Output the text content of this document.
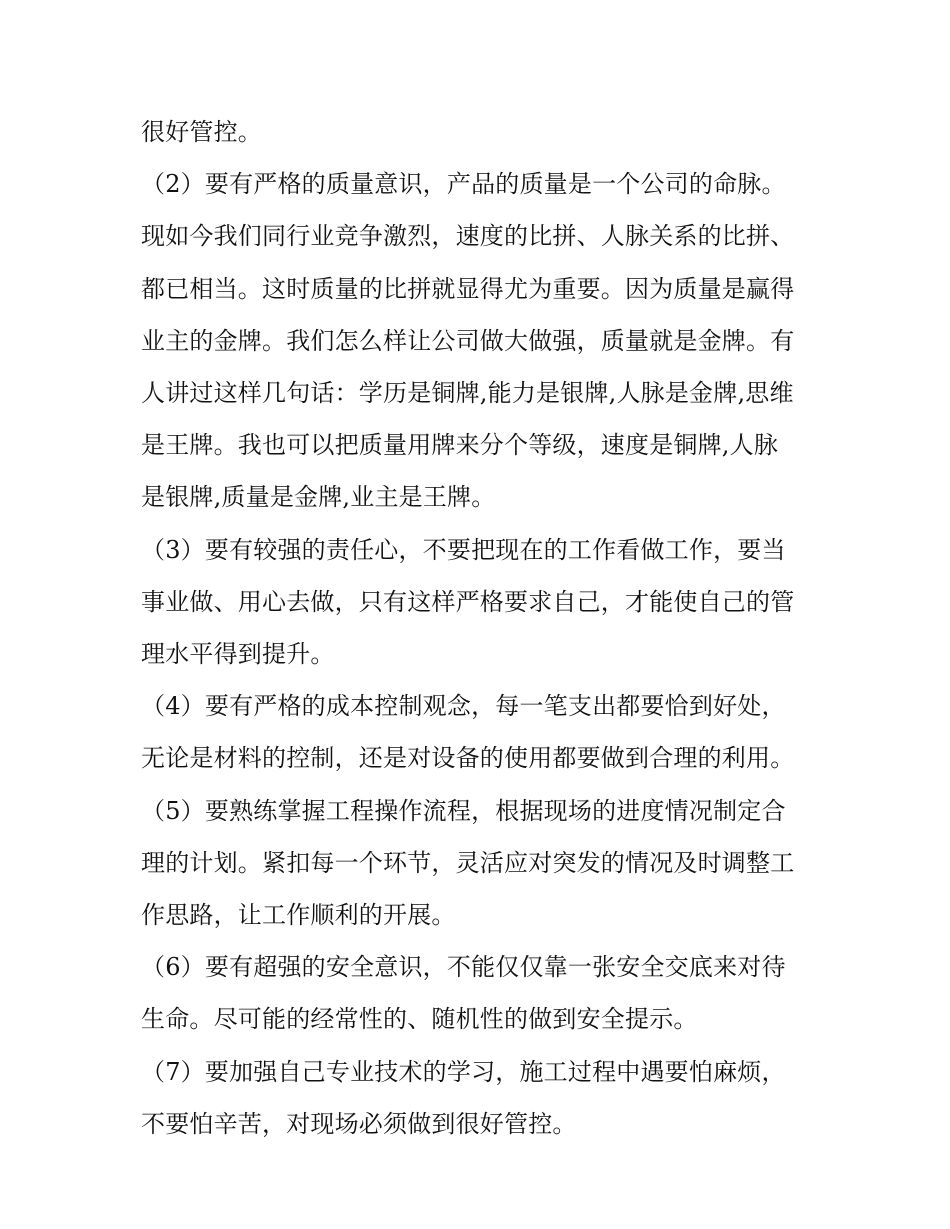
很好管控。
（2）要有严格的质量意识，产品的质量是一个公司的命脉。
现如今我们同行业竞争激烈，速度的比拼、人脉关系的比拼、
都已相当。这时质量的比拼就显得尤为重要。因为质量是赢得
业主的金牌。我们怎么样让公司做大做强，质量就是金牌。有
人讲过这样几句话：学历是铜牌,能力是银牌,人脉是金牌,思维
是王牌。我也可以把质量用牌来分个等级，速度是铜牌,人脉
是银牌,质量是金牌,业主是王牌。
（3）要有较强的责任心，不要把现在的工作看做工作，要当
事业做、用心去做，只有这样严格要求自己，才能使自己的管
理水平得到提升。
（4）要有严格的成本控制观念，每一笔支出都要恰到好处，
无论是材料的控制，还是对设备的使用都要做到合理的利用。
（5）要熟练掌握工程操作流程，根据现场的进度情况制定合
理的计划。紧扣每一个环节，灵活应对突发的情况及时调整工
作思路，让工作顺利的开展。
（6）要有超强的安全意识，不能仅仅靠一张安全交底来对待
生命。尽可能的经常性的、随机性的做到安全提示。
（7）要加强自己专业技术的学习，施工过程中遇要怕麻烦，
不要怕辛苦，对现场必须做到很好管控。
